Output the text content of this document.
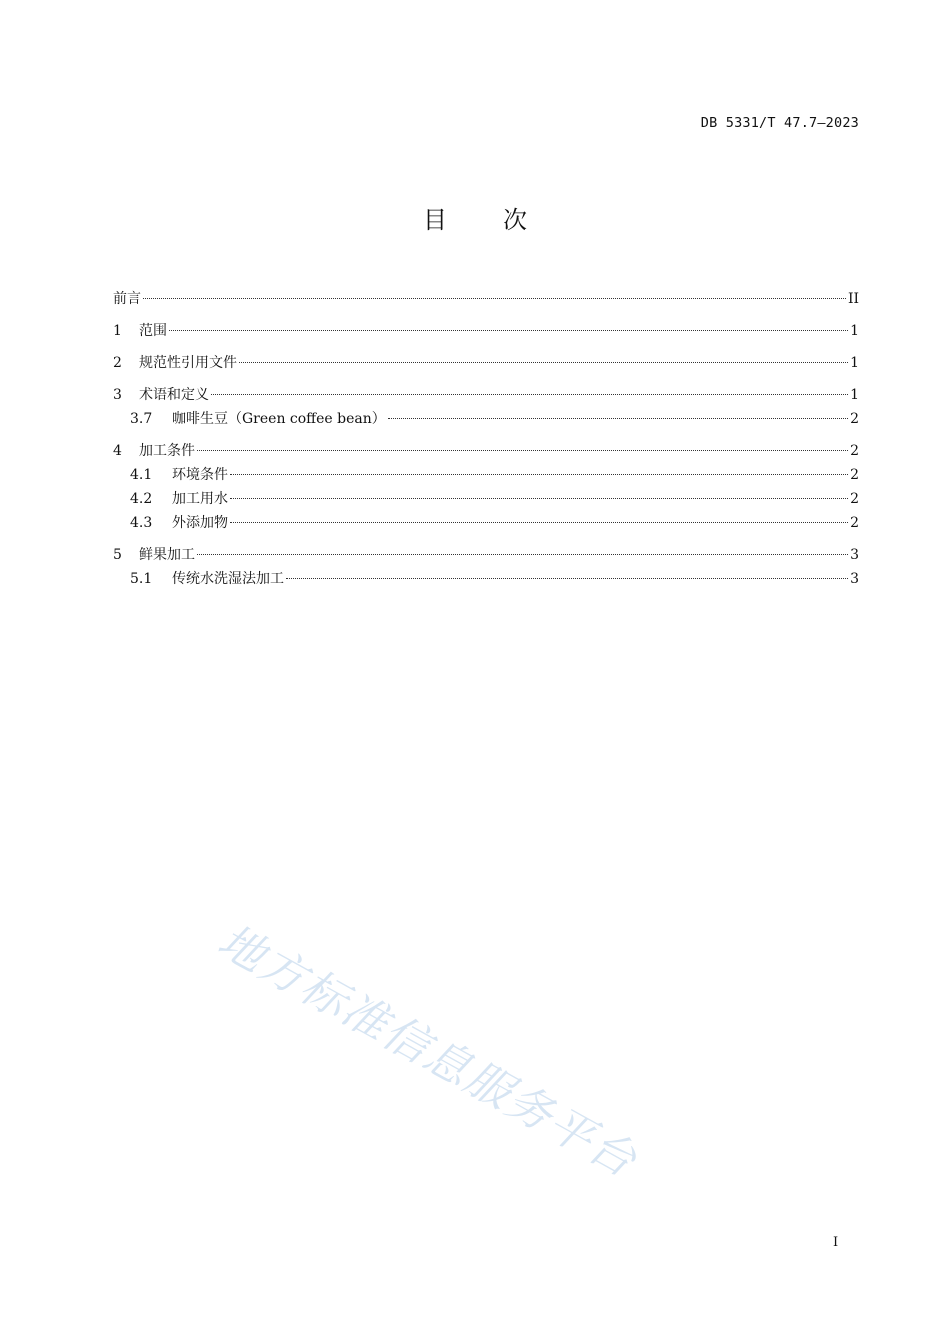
DB 5331/T 47.7—2023
目 次
前言	II
1	范围	1
2	规范性引用文件	1
3	术语和定义	1
3.7	咖啡生豆（Green coffee bean）	2
4	加工条件	2
4.1	环境条件	2
4.2	加工用水	2
4.3	外添加物	2
5	鲜果加工	3
5.1	传统水洗湿法加工	3
地方标准信息服务平台
I
